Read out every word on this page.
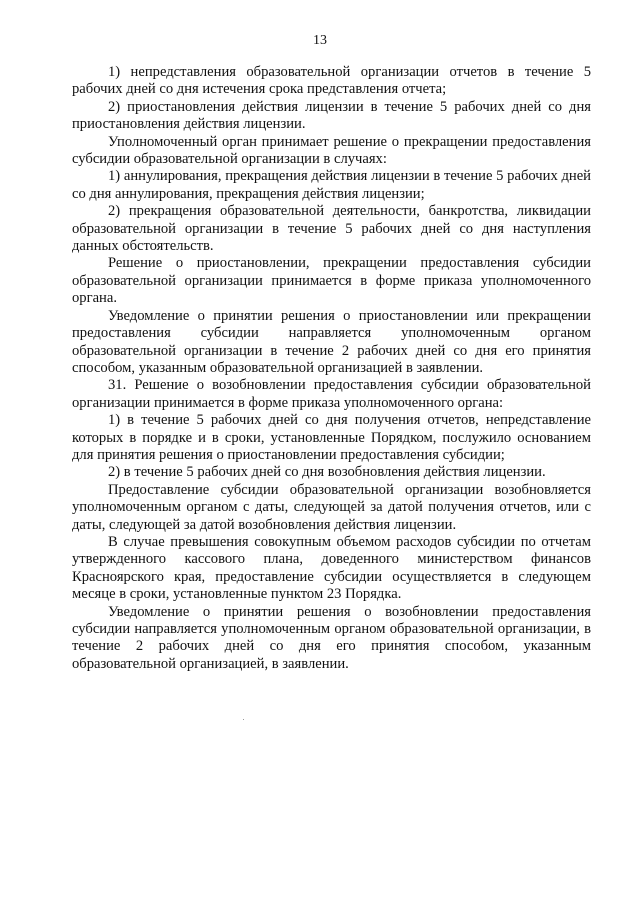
13

1) непредставления образовательной организации отчетов в течение 5 рабочих дней со дня истечения срока представления отчета;

2) приостановления действия лицензии в течение 5 рабочих дней со дня приостановления действия лицензии.

Уполномоченный орган принимает решение о прекращении предоставления субсидии образовательной организации в случаях:

1) аннулирования, прекращения действия лицензии в течение 5 рабочих дней со дня аннулирования, прекращения действия лицензии;

2) прекращения образовательной деятельности, банкротства, ликвидации образовательной организации в течение 5 рабочих дней со дня наступления данных обстоятельств.

Решение о приостановлении, прекращении предоставления субсидии образовательной организации принимается в форме приказа уполномоченного органа.

Уведомление о принятии решения о приостановлении или прекращении предоставления субсидии направляется уполномоченным органом образовательной организации в течение 2 рабочих дней со дня его принятия способом, указанным образовательной организацией в заявлении.

31. Решение о возобновлении предоставления субсидии образовательной организации принимается в форме приказа уполномоченного органа:

1) в течение 5 рабочих дней со дня получения отчетов, непредставление которых в порядке и в сроки, установленные Порядком, послужило основанием для принятия решения о приостановлении предоставления субсидии;

2) в течение 5 рабочих дней со дня возобновления действия лицензии.

Предоставление субсидии образовательной организации возобновляется уполномоченным органом с даты, следующей за датой получения отчетов, или с даты, следующей за датой возобновления действия лицензии.

В случае превышения совокупным объемом расходов субсидии по отчетам утвержденного кассового плана, доведенного министерством финансов Красноярского края, предоставление субсидии осуществляется в следующем месяце в сроки, установленные пунктом 23 Порядка.

Уведомление о принятии решения о возобновлении предоставления субсидии направляется уполномоченным органом образовательной организации, в течение 2 рабочих дней со дня его принятия способом, указанным образовательной организацией, в заявлении.
